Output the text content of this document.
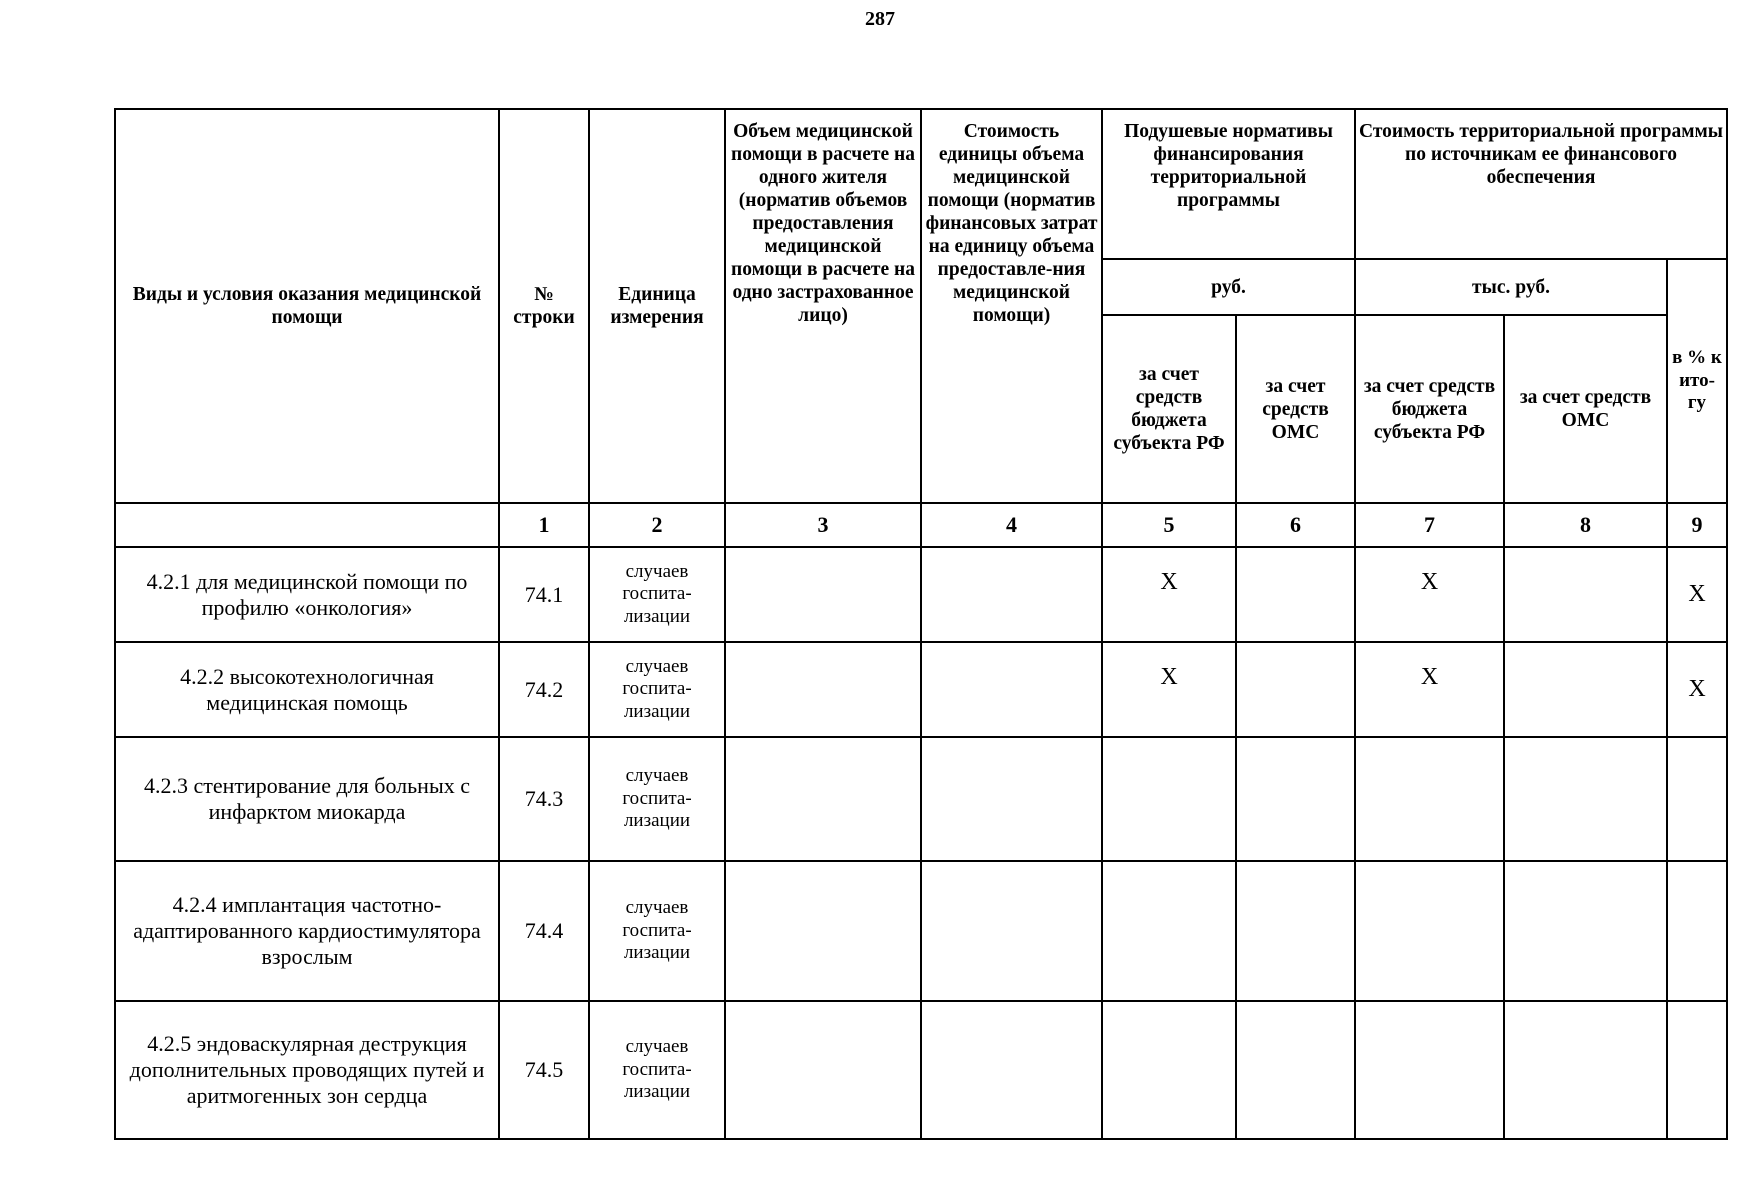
287
Виды и условия оказания медицинской помощи	№ строки	Единица измерения	Объем медицинской помощи в расчете на одного жителя (норматив объемов предоставления медицинской помощи в расчете на одно застрахованное лицо)	Стоимость единицы объема медицинской помощи (норматив финансовых затрат на единицу объема предоставле-ния медицинской помощи)	Подушевые нормативы финансирования территориальной программы		Стоимость территориальной программы по источникам ее финансового обеспечения		
					руб.		тыс. руб.		в % к ито-гу
					за счет средств бюджета субъекта РФ	за счет средств ОМС	за счет средств бюджета субъекта РФ	за счет средств ОМС	
	1	2	3	4	5	6	7	8	9
4.2.1 для медицинской помощи по профилю «онкология»	74.1	случаев госпита-лизации			X		X		X
4.2.2 высокотехнологичная медицинская помощь	74.2	случаев госпита-лизации			X		X		X
4.2.3 стентирование для больных с инфарктом миокарда	74.3	случаев госпита-лизации							
4.2.4 имплантация частотно-адаптированного кардиостимулятора взрослым	74.4	случаев госпита-лизации							
4.2.5 эндоваскулярная деструкция дополнительных проводящих путей и аритмогенных зон сердца	74.5	случаев госпита-лизации							
